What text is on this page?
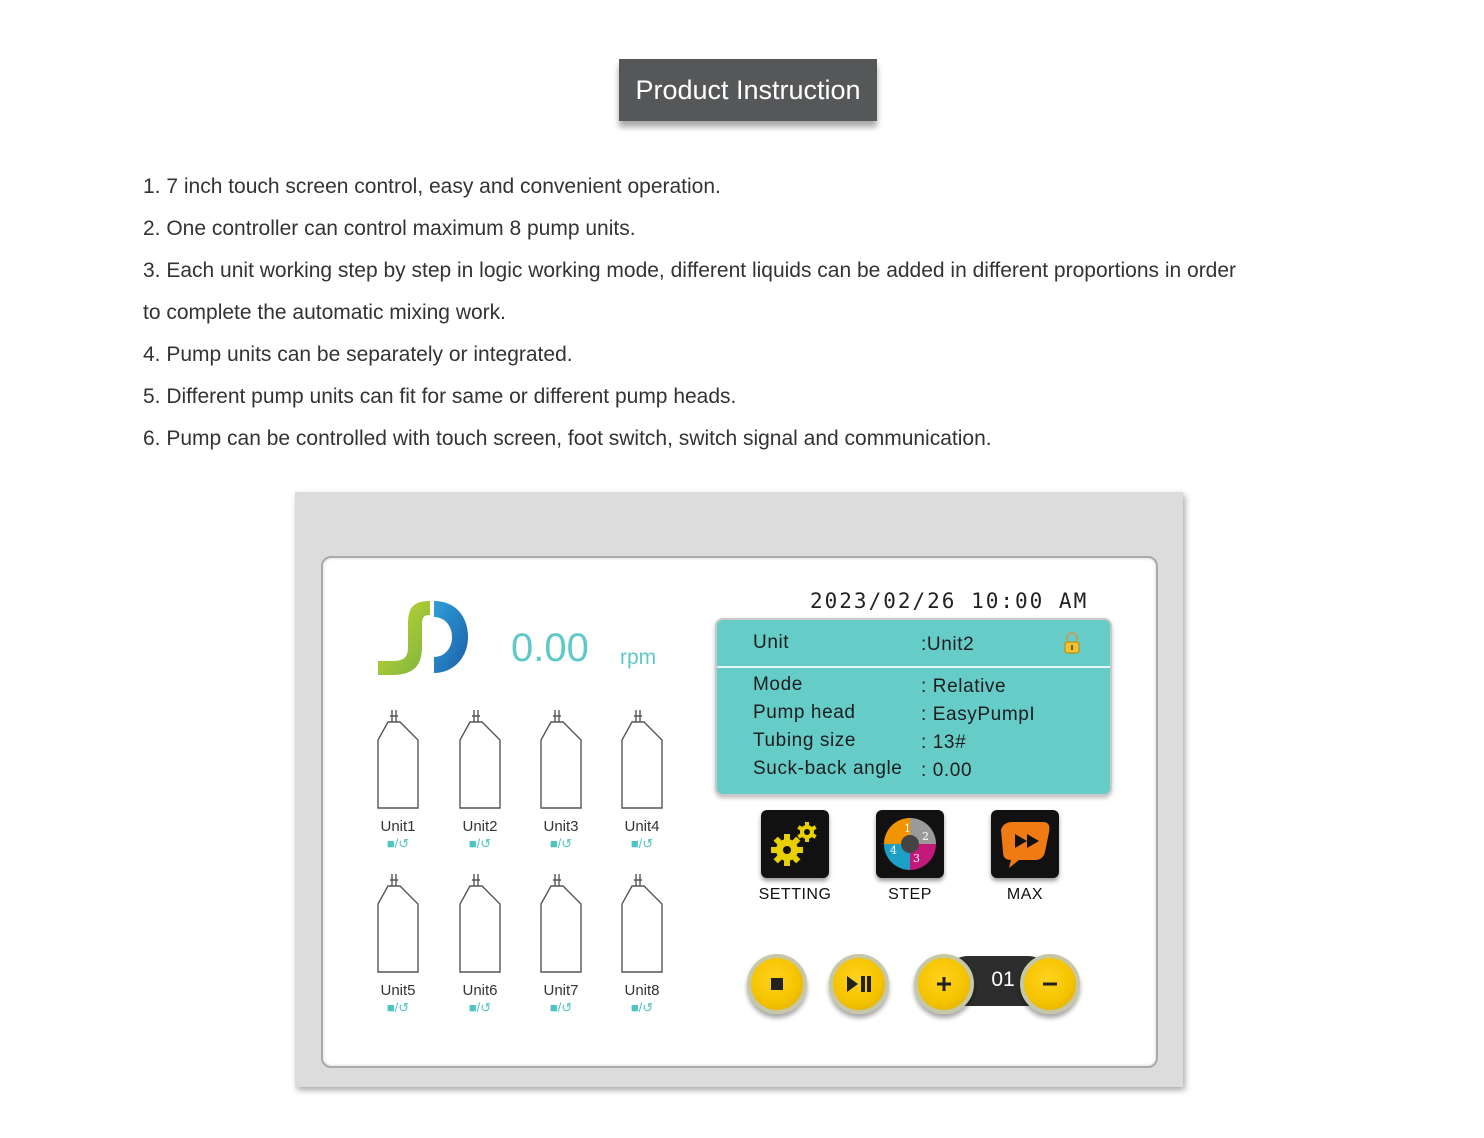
Product Instruction

1. 7 inch touch screen control, easy and convenient operation.

2. One controller can control maximum 8 pump units.

3. Each unit working step by step in logic working mode, different liquids can be added in different proportions in order

to complete the automatic mixing work.

4. Pump units can be separately or integrated.

5. Different pump units can fit for same or different pump heads.

6. Pump can be controlled with touch screen, foot switch, switch signal and communication.

0.00 rpm
Unit1
■/↺
Unit2
■/↺
Unit3
■/↺
Unit4
■/↺
Unit5
■/↺
Unit6
■/↺
Unit7
■/↺
Unit8
■/↺
2023/02/26 10:00 AM
Unit	:Unit2
Mode	: Relative
Pump head	: EasyPumpI
Tubing size	: 13#
Suck-back angle : 0.00
SETTING
1
2
3
4
STEP	MAX
01
